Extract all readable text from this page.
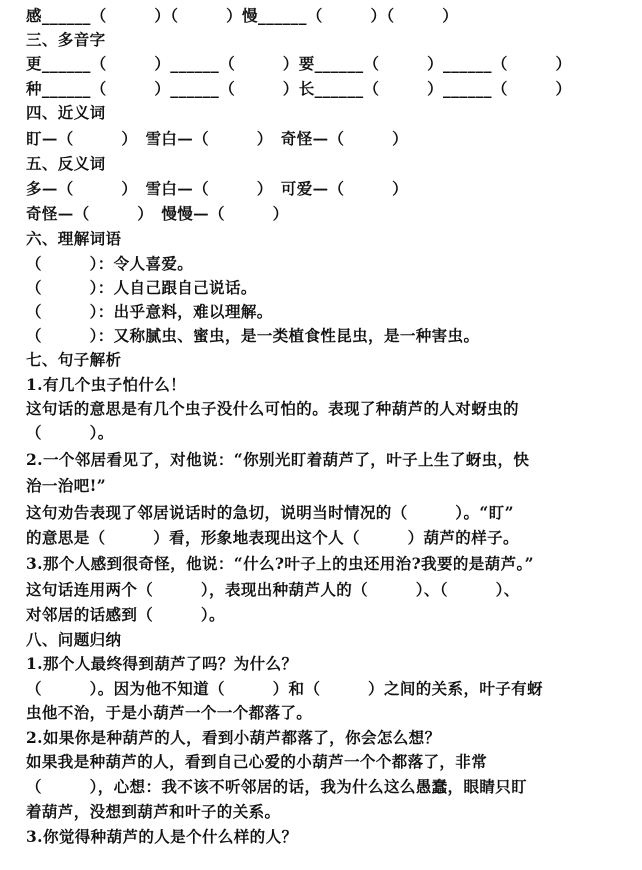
感______（　　　）（　　　）慢______（　　　）（　　　）
三、多音字
更______（　　　）______（　　　）要______（　　　）______（　　　）
种______（　　　）______（　　　）长______（　　　）______（　　　）
四、近义词
盯—（　　　）　雪白—（　　　）　奇怪—（　　　）
五、反义词
多—（　　　）　雪白—（　　　）　可爱—（　　　）
奇怪—（　　　）　慢慢—（　　　）
六、理解词语
（　　　）：令人喜爱。
（　　　）：人自己跟自己说话。
（　　　）：出乎意料，难以理解。
（　　　）：又称腻虫、蜜虫，是一类植食性昆虫，是一种害虫。
七、句子解析
1.有几个虫子怕什么！
这句话的意思是有几个虫子没什么可怕的。表现了种葫芦的人对蚜虫的
（　　　）。
2.一个邻居看见了，对他说：“你别光盯着葫芦了，叶子上生了蚜虫，快
治一治吧!”
这句劝告表现了邻居说话时的急切，说明当时情况的（　　　）。“盯”
的意思是（　　　）看，形象地表现出这个人（　　　）葫芦的样子。
3.那个人感到很奇怪，他说：“什么?叶子上的虫还用治?我要的是葫芦。”
这句话连用两个（　　　），表现出种葫芦人的（　　　）、（　　　）、
对邻居的话感到（　　　）。
八、问题归纳
1.那个人最终得到葫芦了吗？为什么？
（　　　）。因为他不知道（　　　）和（　　　）之间的关系，叶子有蚜
虫他不治，于是小葫芦一个一个都落了。
2.如果你是种葫芦的人，看到小葫芦都落了，你会怎么想？
如果我是种葫芦的人，看到自己心爱的小葫芦一个个都落了，非常
（　　　），心想：我不该不听邻居的话，我为什么这么愚蠢，眼睛只盯
着葫芦，没想到葫芦和叶子的关系。
3.你觉得种葫芦的人是个什么样的人？
